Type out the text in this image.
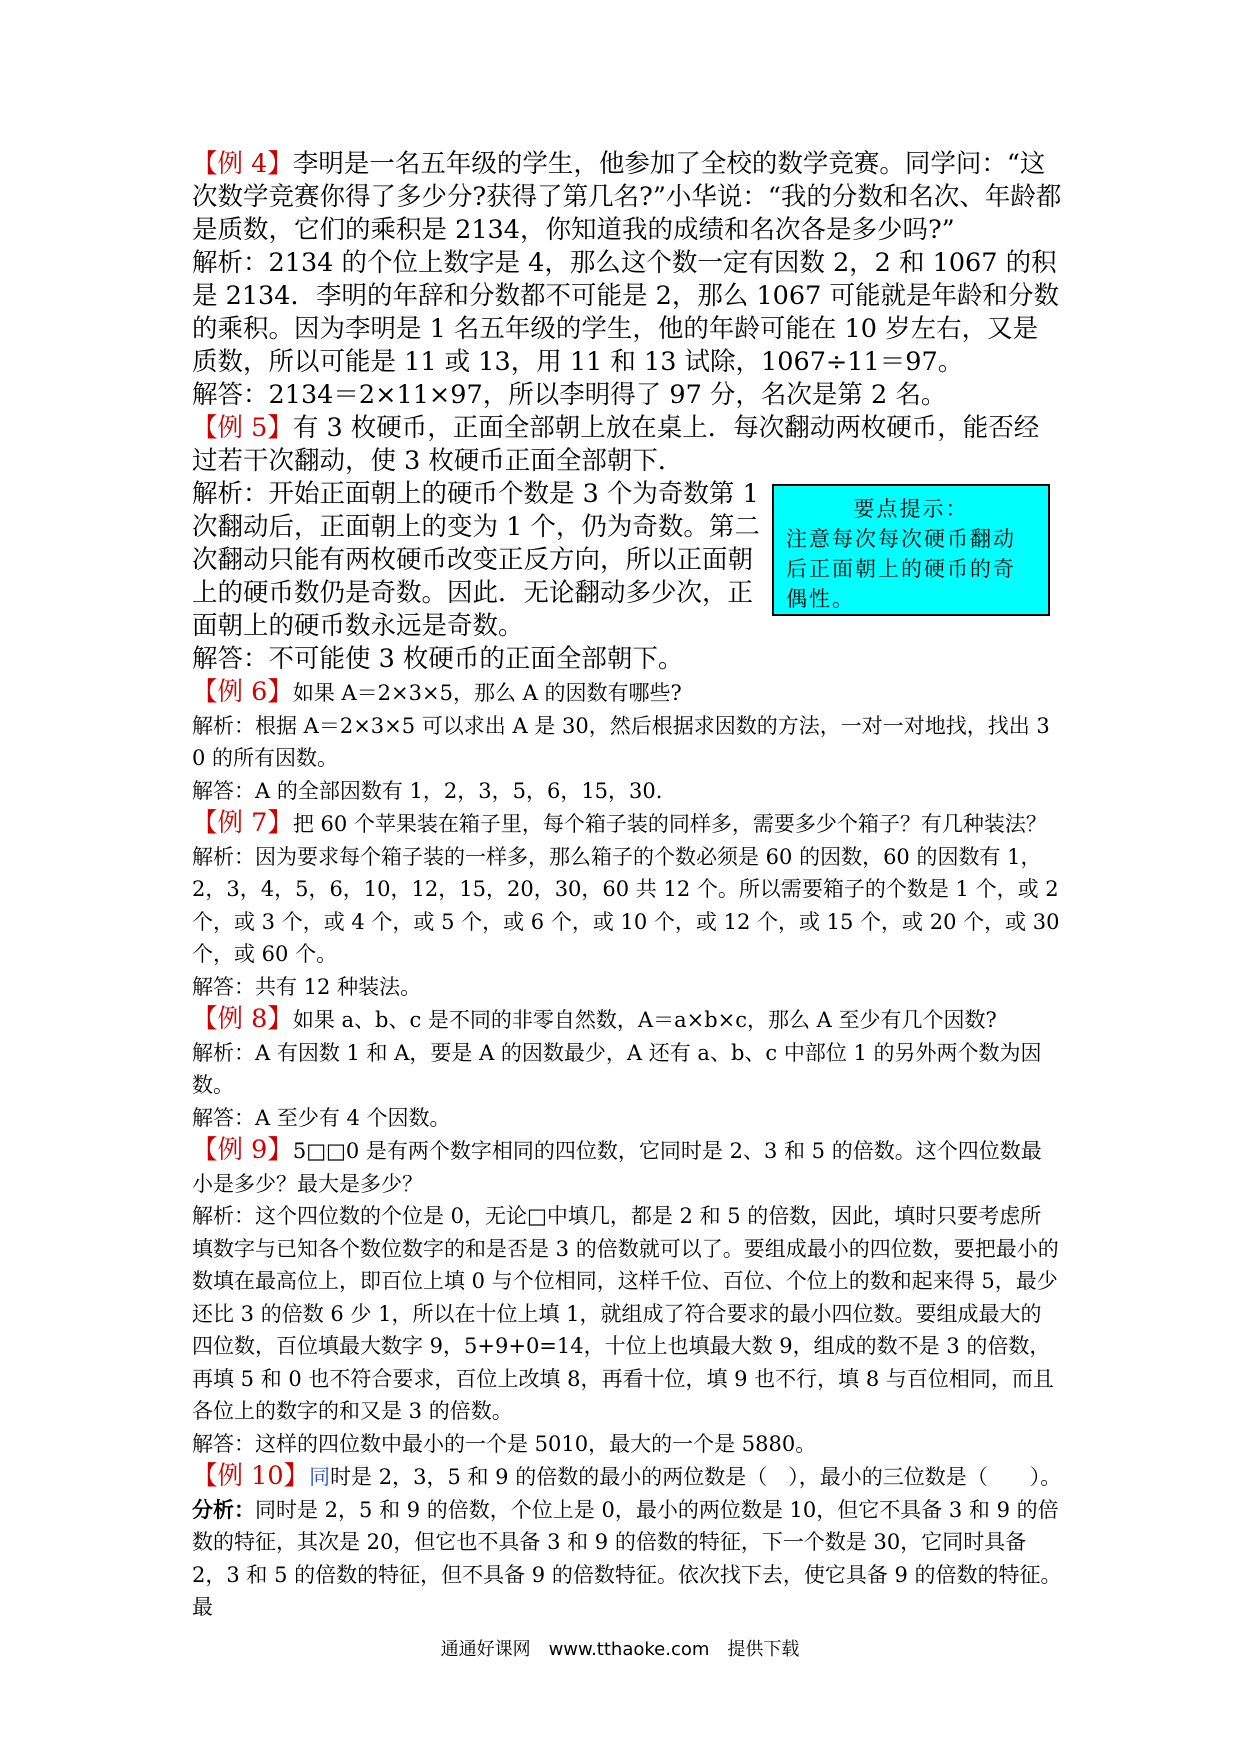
【例 4】李明是一名五年级的学生，他参加了全校的数学竞赛。同学问：“这次数学竞赛你得了多少分?获得了第几名?”小华说：“我的分数和名次、年龄都是质数，它们的乘积是 2134，你知道我的成绩和名次各是多少吗?”

解析：2134 的个位上数字是 4，那么这个数一定有因数 2，2 和 1067 的积是 2134．李明的年辞和分数都不可能是 2，那么 1067 可能就是年龄和分数的乘积。因为李明是 1 名五年级的学生，他的年龄可能在 10 岁左右，又是质数，所以可能是 11 或 13，用 11 和 13 试除，1067÷11＝97。

解答：2134＝2×11×97，所以李明得了 97 分，名次是第 2 名。

【例 5】有 3 枚硬币，正面全部朝上放在桌上．每次翻动两枚硬币，能否经过若干次翻动，使 3 枚硬币正面全部朝下．

解析：开始正面朝上的硬币个数是 3 个为奇数第 1 次翻动后，正面朝上的变为 1 个，仍为奇数。第二次翻动只能有两枚硬币改变正反方向，所以正面朝上的硬币数仍是奇数。因此．无论翻动多少次，正面朝上的硬币数永远是奇数。

要点提示：
注意每次每次硬币翻动后正面朝上的硬币的奇偶性。

解答：不可能使 3 枚硬币的正面全部朝下。

【例 6】如果 A＝2×3×5，那么 A 的因数有哪些?

解析：根据 A＝2×3×5 可以求出 A 是 30，然后根据求因数的方法，一对一对地找，找出 30 的所有因数。

解答：A 的全部因数有 1，2，3，5，6，15，30.

【例 7】把 60 个苹果装在箱子里，每个箱子装的同样多，需要多少个箱子？有几种装法？

解析：因为要求每个箱子装的一样多，那么箱子的个数必须是 60 的因数，60 的因数有 1，2，3，4，5，6，10，12，15，20，30，60 共 12 个。所以需要箱子的个数是 1 个，或 2 个，或 3 个，或 4 个，或 5 个，或 6 个，或 10 个，或 12 个，或 15 个，或 20 个，或 30 个，或 60 个。

解答：共有 12 种装法。

【例 8】如果 a、b、c 是不同的非零自然数，A＝a×b×c，那么 A 至少有几个因数?

解析：A 有因数 1 和 A，要是 A 的因数最少，A 还有 a、b、c 中部位 1 的另外两个数为因数。

解答：A 至少有 4 个因数。

【例 9】5□□0 是有两个数字相同的四位数，它同时是 2、3 和 5 的倍数。这个四位数最小是多少？最大是多少？

解析：这个四位数的个位是 0，无论□中填几，都是 2 和 5 的倍数，因此，填时只要考虑所填数字与已知各个数位数字的和是否是 3 的倍数就可以了。要组成最小的四位数，要把最小的数填在最高位上，即百位上填 0 与个位相同，这样千位、百位、个位上的数和起来得 5，最少还比 3 的倍数 6 少 1，所以在十位上填 1，就组成了符合要求的最小四位数。要组成最大的四位数，百位填最大数字 9，5+9+0=14，十位上也填最大数 9，组成的数不是 3 的倍数，再填 5 和 0 也不符合要求，百位上改填 8，再看十位，填 9 也不行，填 8 与百位相同，而且各位上的数字的和又是 3 的倍数。

解答：这样的四位数中最小的一个是 5010，最大的一个是 5880。

【例 10】同时是 2，3，5 和 9 的倍数的最小的两位数是（　），最小的三位数是（　　）。

分析：同时是 2，5 和 9 的倍数，个位上是 0，最小的两位数是 10，但它不具备 3 和 9 的倍数的特征，其次是 20，但它也不具备 3 和 9 的倍数的特征，下一个数是 30，它同时具备 2，3 和 5 的倍数的特征，但不具备 9 的倍数特征。依次找下去，使它具备 9 的倍数的特征。最

通通好课网　www.tthaoke.com　提供下载
